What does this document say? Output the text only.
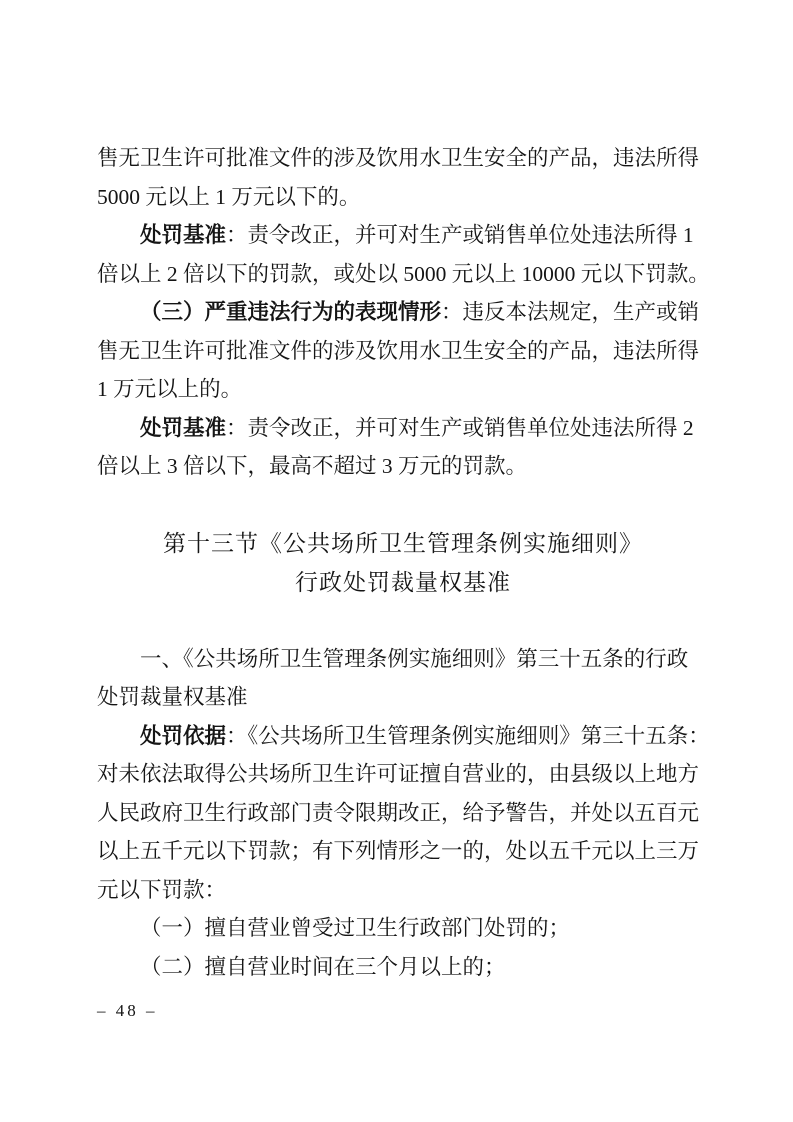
售无卫生许可批准文件的涉及饮用水卫生安全的产品，违法所得
5000 元以上 1 万元以下的。
处罚基准：责令改正，并可对生产或销售单位处违法所得 1
倍以上 2 倍以下的罚款，或处以 5000 元以上 10000 元以下罚款。
（三）严重违法行为的表现情形：违反本法规定，生产或销
售无卫生许可批准文件的涉及饮用水卫生安全的产品，违法所得
1 万元以上的。
处罚基准：责令改正，并可对生产或销售单位处违法所得 2
倍以上 3 倍以下，最高不超过 3 万元的罚款。
第十三节《公共场所卫生管理条例实施细则》
行政处罚裁量权基准
一、《公共场所卫生管理条例实施细则》第三十五条的行政
处罚裁量权基准
处罚依据：《公共场所卫生管理条例实施细则》第三十五条：
对未依法取得公共场所卫生许可证擅自营业的，由县级以上地方
人民政府卫生行政部门责令限期改正，给予警告，并处以五百元
以上五千元以下罚款；有下列情形之一的，处以五千元以上三万
元以下罚款：
（一）擅自营业曾受过卫生行政部门处罚的；
（二）擅自营业时间在三个月以上的；
– 48 –
